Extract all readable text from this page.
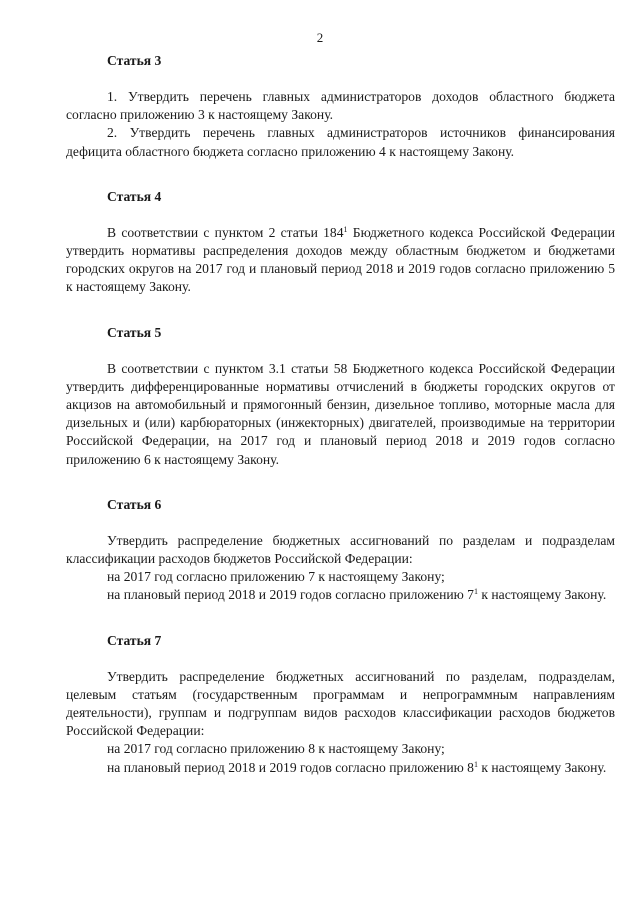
2
Статья 3

1. Утвердить перечень главных администраторов доходов областного бюджета согласно приложению 3 к настоящему Закону.

2. Утвердить перечень главных администраторов источников финансирования дефицита областного бюджета согласно приложению 4 к настоящему Закону.

Статья 4

В соответствии с пунктом 2 статьи $184^1$ Бюджетного кодекса Российской Федерации утвердить нормативы распределения доходов между областным бюджетом и бюджетами городских округов на 2017 год и плановый период 2018 и 2019 годов согласно приложению 5 к настоящему Закону.

Статья 5

В соответствии с пунктом 3.1 статьи 58 Бюджетного кодекса Российской Федерации утвердить дифференцированные нормативы отчислений в бюджеты городских округов от акцизов на автомобильный и прямогонный бензин, дизельное топливо, моторные масла для дизельных и (или) карбюраторных (инжекторных) двигателей, производимые на территории Российской Федерации, на 2017 год и плановый период 2018 и 2019 годов согласно приложению 6 к настоящему Закону.

Статья 6

Утвердить распределение бюджетных ассигнований по разделам и подразделам классификации расходов бюджетов Российской Федерации:

на 2017 год согласно приложению 7 к настоящему Закону;

на плановый период 2018 и 2019 годов согласно приложению $7^1$ к настоящему Закону.

Статья 7

Утвердить распределение бюджетных ассигнований по разделам, подразделам, целевым статьям (государственным программам и непрограммным направлениям деятельности), группам и подгруппам видов расходов классификации расходов бюджетов Российской Федерации:

на 2017 год согласно приложению 8 к настоящему Закону;

на плановый период 2018 и 2019 годов согласно приложению $8^1$ к настоящему Закону.
